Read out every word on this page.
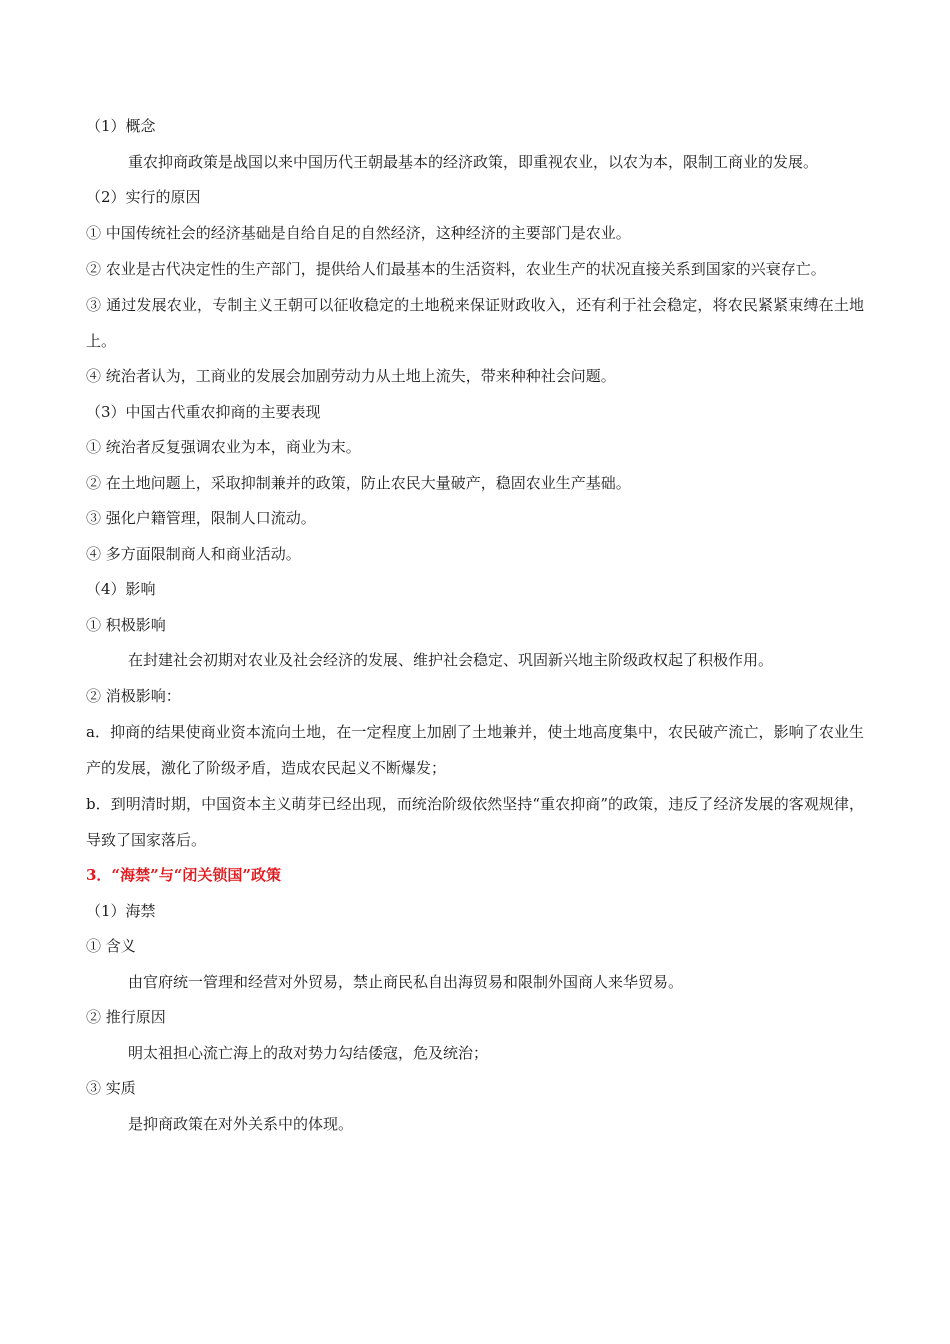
（1）概念

重农抑商政策是战国以来中国历代王朝最基本的经济政策，即重视农业，以农为本，限制工商业的发展。

（2）实行的原因

① 中国传统社会的经济基础是自给自足的自然经济，这种经济的主要部门是农业。

② 农业是古代决定性的生产部门，提供给人们最基本的生活资料，农业生产的状况直接关系到国家的兴衰存亡。

③ 通过发展农业，专制主义王朝可以征收稳定的土地税来保证财政收入，还有利于社会稳定，将农民紧紧束缚在土地上。

④ 统治者认为，工商业的发展会加剧劳动力从土地上流失，带来种种社会问题。

（3）中国古代重农抑商的主要表现

① 统治者反复强调农业为本，商业为末。

② 在土地问题上，采取抑制兼并的政策，防止农民大量破产，稳固农业生产基础。

③ 强化户籍管理，限制人口流动。

④ 多方面限制商人和商业活动。

（4）影响

① 积极影响

在封建社会初期对农业及社会经济的发展、维护社会稳定、巩固新兴地主阶级政权起了积极作用。

② 消极影响：

a．抑商的结果使商业资本流向土地，在一定程度上加剧了土地兼并，使土地高度集中，农民破产流亡，影响了农业生产的发展，激化了阶级矛盾，造成农民起义不断爆发；

b．到明清时期，中国资本主义萌芽已经出现，而统治阶级依然坚持“重农抑商”的政策，违反了经济发展的客观规律，导致了国家落后。

3．“海禁”与“闭关锁国”政策

（1）海禁

① 含义

由官府统一管理和经营对外贸易，禁止商民私自出海贸易和限制外国商人来华贸易。

② 推行原因

明太祖担心流亡海上的敌对势力勾结倭寇，危及统治；

③ 实质

是抑商政策在对外关系中的体现。
